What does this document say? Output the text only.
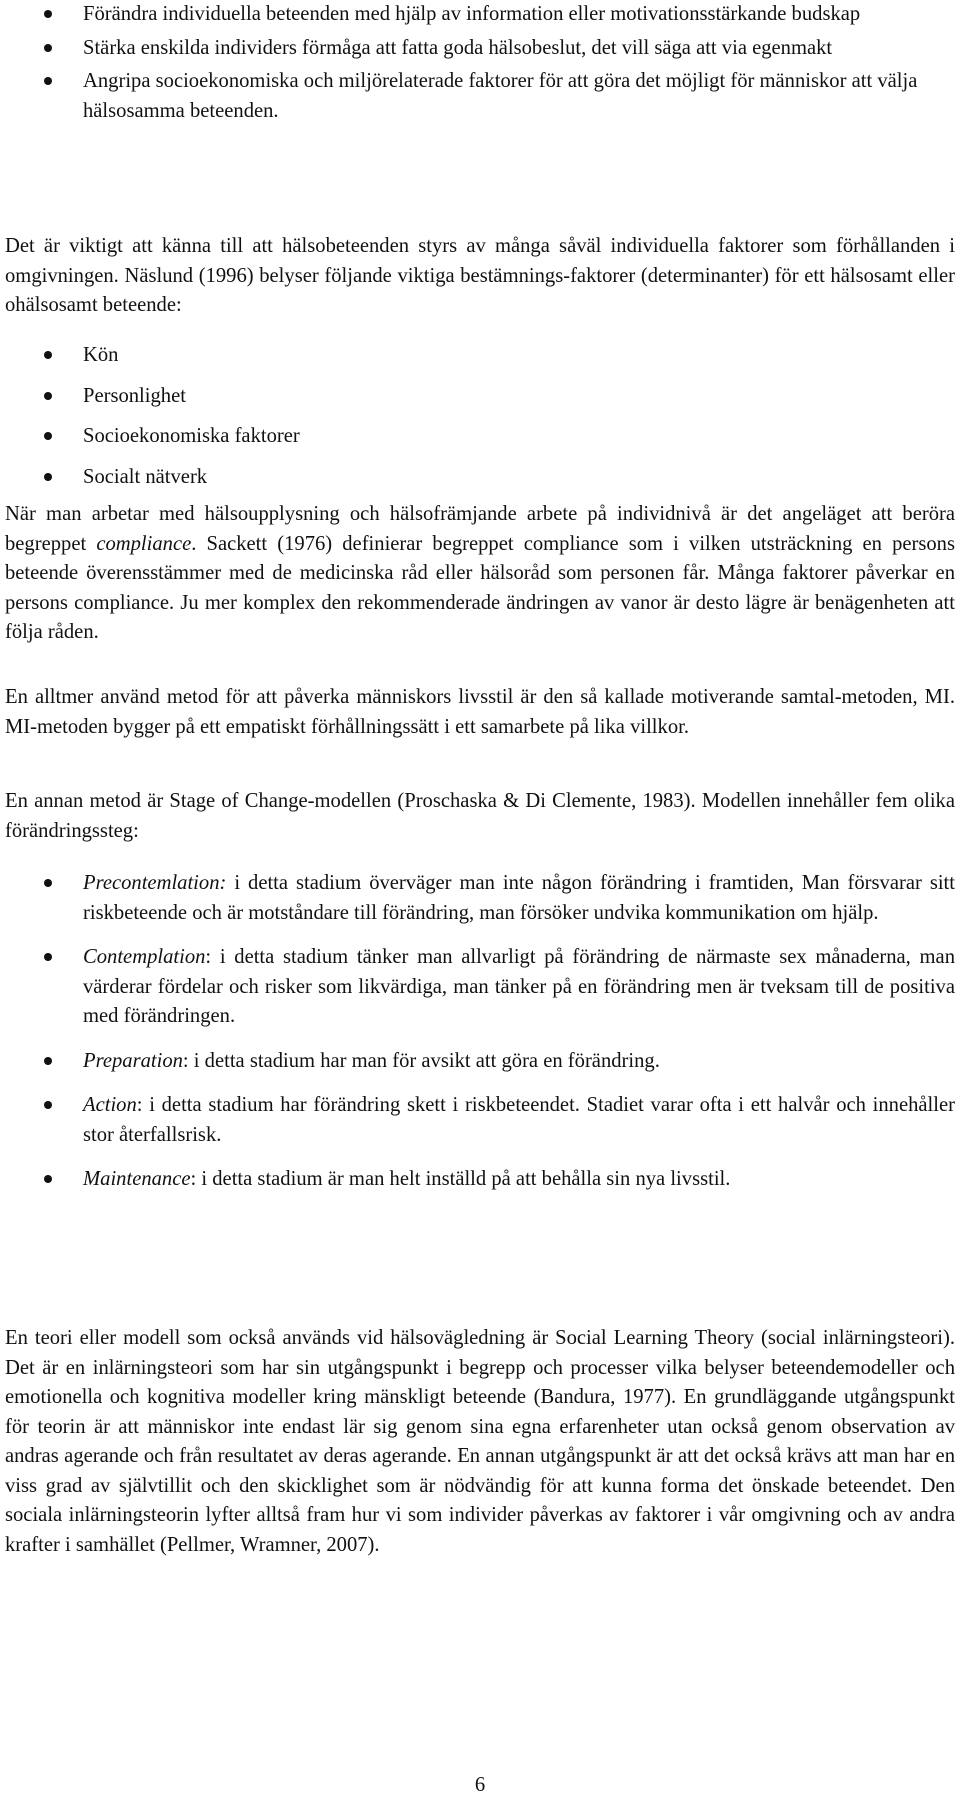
Förändra individuella beteenden med hjälp av information eller motivationsstärkande budskap
Stärka enskilda individers förmåga att fatta goda hälsobeslut, det vill säga att via egenmakt
Angripa socioekonomiska och miljörelaterade faktorer för att göra det möjligt för människor att välja hälsosamma beteenden.

Det är viktigt att känna till att hälsobeteenden styrs av många såväl individuella faktorer som förhållanden i omgivningen. Näslund (1996) belyser följande viktiga bestämnings-faktorer (determinanter) för ett hälsosamt eller ohälsosamt beteende:

Kön
Personlighet
Socioekonomiska faktorer
Socialt nätverk

När man arbetar med hälsoupplysning och hälsofrämjande arbete på individnivå är det angeläget att beröra begreppet compliance. Sackett (1976) definierar begreppet compliance som i vilken utsträckning en persons beteende överensstämmer med de medicinska råd eller hälsoråd som personen får. Många faktorer påverkar en persons compliance. Ju mer komplex den rekommenderade ändringen av vanor är desto lägre är benägenheten att följa råden.

En alltmer använd metod för att påverka människors livsstil är den så kallade motiverande samtal-metoden, MI. MI-metoden bygger på ett empatiskt förhållningssätt i ett samarbete på lika villkor.

En annan metod är Stage of Change-modellen (Proschaska & Di Clemente, 1983). Modellen innehåller fem olika förändringssteg:

Precontemlation: i detta stadium överväger man inte någon förändring i framtiden, Man försvarar sitt riskbeteende och är motståndare till förändring, man försöker undvika kommunikation om hjälp.
Contemplation: i detta stadium tänker man allvarligt på förändring de närmaste sex månaderna, man värderar fördelar och risker som likvärdiga, man tänker på en förändring men är tveksam till de positiva med förändringen.
Preparation: i detta stadium har man för avsikt att göra en förändring.
Action: i detta stadium har förändring skett i riskbeteendet. Stadiet varar ofta i ett halvår och innehåller stor återfallsrisk.
Maintenance: i detta stadium är man helt inställd på att behålla sin nya livsstil.

En teori eller modell som också används vid hälsovägledning är Social Learning Theory (social inlärningsteori). Det är en inlärningsteori som har sin utgångspunkt i begrepp och processer vilka belyser beteendemodeller och emotionella och kognitiva modeller kring mänskligt beteende (Bandura, 1977). En grundläggande utgångspunkt för teorin är att människor inte endast lär sig genom sina egna erfarenheter utan också genom observation av andras agerande och från resultatet av deras agerande. En annan utgångspunkt är att det också krävs att man har en viss grad av självtillit och den skicklighet som är nödvändig för att kunna forma det önskade beteendet. Den sociala inlärningsteorin lyfter alltså fram hur vi som individer påverkas av faktorer i vår omgivning och av andra krafter i samhället (Pellmer, Wramner, 2007).

6
